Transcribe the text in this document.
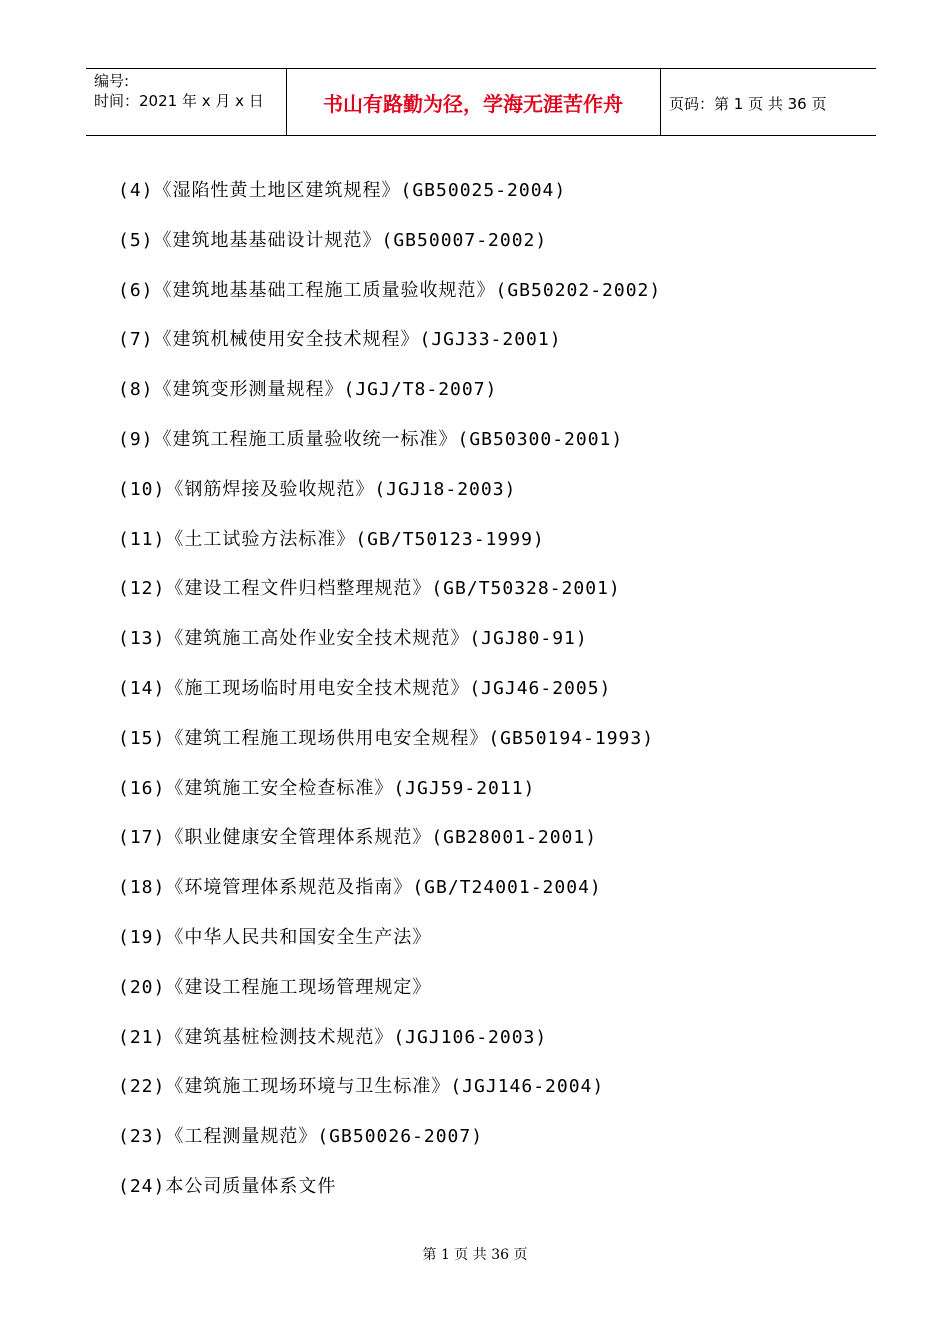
编号:
时间：2021 年 x 月 x 日	书山有路勤为径，学海无涯苦作舟	页码：第 1 页 共 36 页
(4)《湿陷性黄土地区建筑规程》(GB50025-2004)
(5)《建筑地基基础设计规范》(GB50007-2002)
(6)《建筑地基基础工程施工质量验收规范》(GB50202-2002)
(7)《建筑机械使用安全技术规程》(JGJ33-2001)
(8)《建筑变形测量规程》(JGJ/T8-2007)
(9)《建筑工程施工质量验收统一标准》(GB50300-2001)
(10)《钢筋焊接及验收规范》(JGJ18-2003)
(11)《土工试验方法标准》(GB/T50123-1999)
(12)《建设工程文件归档整理规范》(GB/T50328-2001)
(13)《建筑施工高处作业安全技术规范》(JGJ80-91)
(14)《施工现场临时用电安全技术规范》(JGJ46-2005)
(15)《建筑工程施工现场供用电安全规程》(GB50194-1993)
(16)《建筑施工安全检查标准》(JGJ59-2011)
(17)《职业健康安全管理体系规范》(GB28001-2001)
(18)《环境管理体系规范及指南》(GB/T24001-2004)
(19)《中华人民共和国安全生产法》
(20)《建设工程施工现场管理规定》
(21)《建筑基桩检测技术规范》(JGJ106-2003)
(22)《建筑施工现场环境与卫生标准》(JGJ146-2004)
(23)《工程测量规范》(GB50026-2007)
(24)本公司质量体系文件
第 1 页 共 36 页
